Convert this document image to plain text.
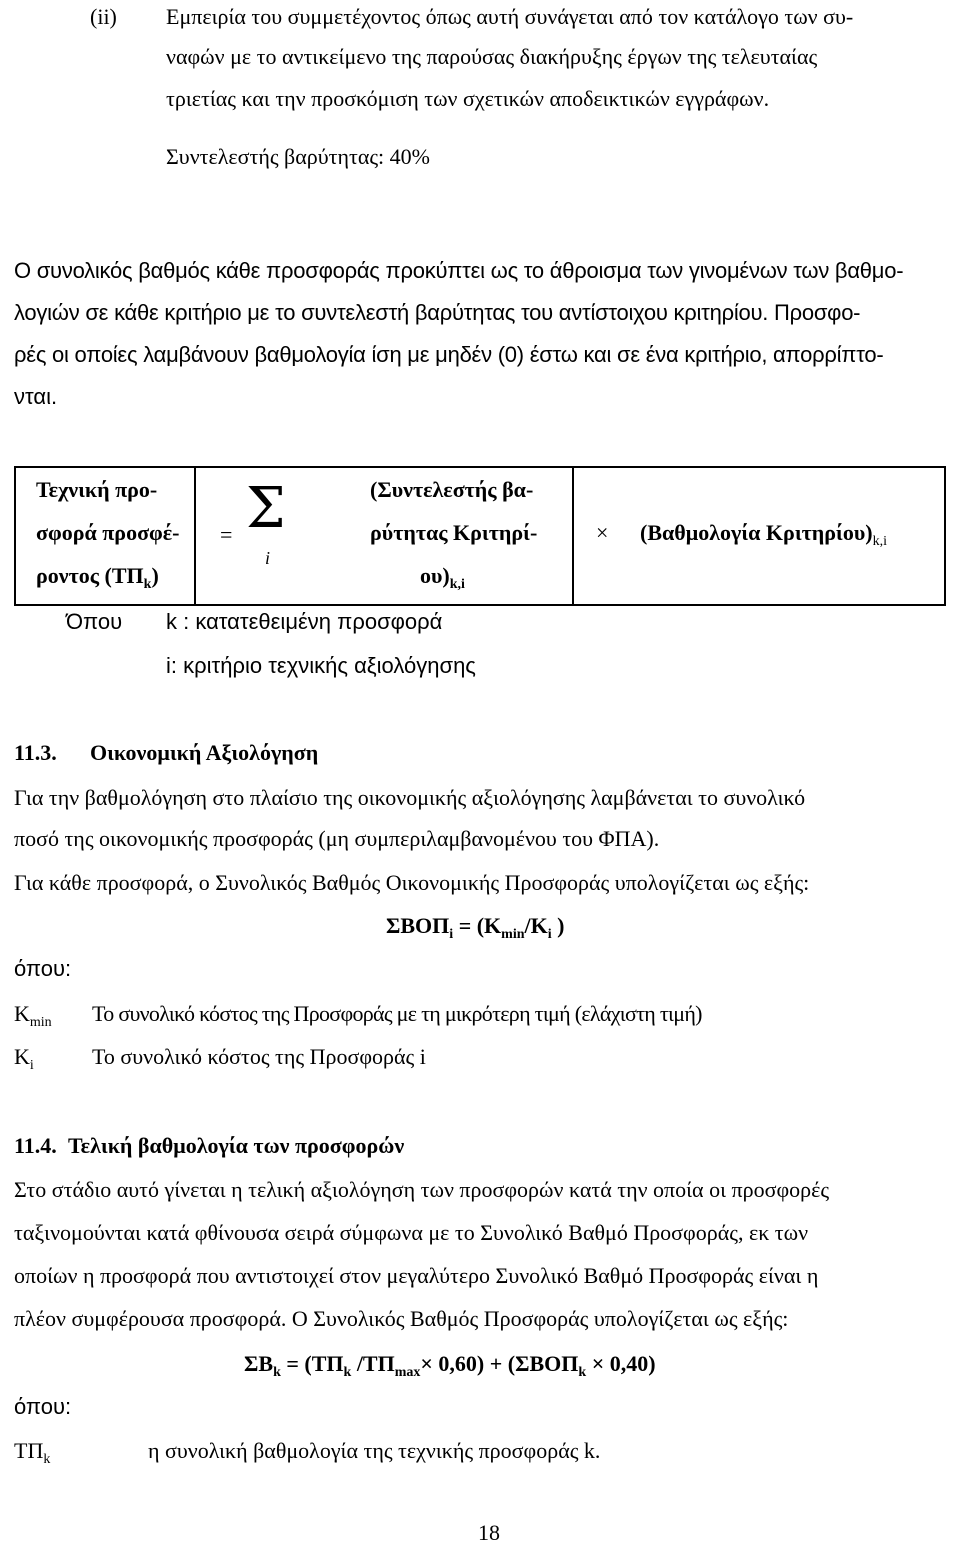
(ii) Εμπειρία του συμμετέχοντος όπως αυτή συνάγεται από τον κατάλογο των συ-
ναφών με το αντικείμενο της παρούσας διακήρυξης έργων της τελευταίας
τριετίας και την προσκόμιση των σχετικών αποδεικτικών εγγράφων.
Συντελεστής βαρύτητας: 40%
Ο συνολικός βαθμός κάθε προσφοράς προκύπτει ως το άθροισμα των γινομένων των βαθμο-
λογιών σε κάθε κριτήριο με το συντελεστή βαρύτητας του αντίστοιχου κριτηρίου. Προσφο-
ρές οι οποίες λαμβάνουν βαθμολογία ίση με μηδέν (0) έστω και σε ένα κριτήριο, απορρίπτο-
νται.
Τεχνική προ-
σφορά προσφέ-
ροντος $(T\Pi_k)$
= Σ
i
(Συντελεστής βα-
ρύτητας Κριτηρί-
$o\upsilon)_{k,i}$
× (Βαθμολογία $K\rho\iota\tau\eta\rho ίo\upsilon)_{k,i}$
Όπου k : κατατεθειμένη προσφορά
i: κριτήριο τεχνικής αξιολόγησης
11.3. Οικονομική Αξιολόγηση
Για την βαθμολόγηση στο πλαίσιο της οικονομικής αξιολόγησης λαμβάνεται το συνολικό
ποσό της οικονομικής προσφοράς (μη συμπεριλαμβανομένου του ΦΠΑ).
Για κάθε προσφορά, ο Συνολικός Βαθμός Οικονομικής Προσφοράς υπολογίζεται ως εξής:
$\Sigma BO\Pi_i = (K_{min}/K_i$ )
όπου:
$K_{min}$ Το συνολικό κόστος της Προσφοράς με τη μικρότερη τιμή (ελάχιστη τιμή)
$K_i$	Το συνολικό κόστος της Προσφοράς i
11.4. Τελική βαθμολογία των προσφορών
Στο στάδιο αυτό γίνεται η τελική αξιολόγηση των προσφορών κατά την οποία οι προσφορές
ταξινομούνται κατά φθίνουσα σειρά σύμφωνα με το Συνολικό Βαθμό Προσφοράς, εκ των
οποίων η προσφορά που αντιστοιχεί στον μεγαλύτερο Συνολικό Βαθμό Προσφοράς είναι η
πλέον συμφέρουσα προσφορά. Ο Συνολικός Βαθμός Προσφοράς υπολογίζεται ως εξής:
$\Sigma B_k = (T\Pi_k$ $/T\Pi_{max}\times 0,60) + (\Sigma BO\Pi_k \times 0,40)$
όπου:
$T\Pi_k$	η συνολική βαθμολογία της τεχνικής προσφοράς k.
18
